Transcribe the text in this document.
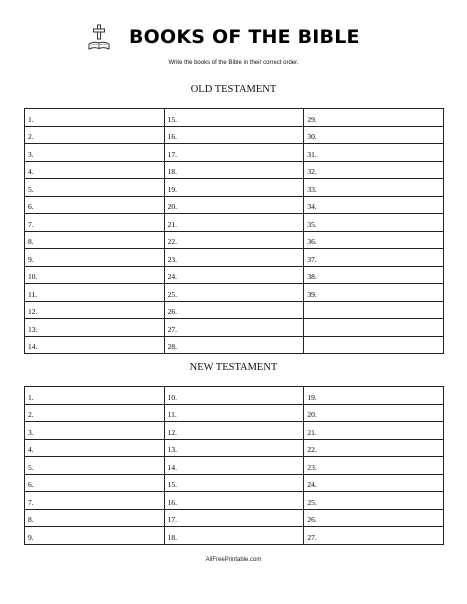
BOOKS OF THE BIBLE
Write the books of the Bible in their correct order.
OLD TESTAMENT
1.	15.	29.
2.	16.	30.
3.	17.	31.
4.	18.	32.
5.	19.	33.
6.	20.	34.
7.	21.	35.
8.	22.	36.
9.	23.	37.
10.	24.	38.
11.	25.	39.
12.	26.	
13.	27.	
14.	28.	
NEW TESTAMENT
1.	10.	19.
2.	11.	20.
3.	12.	21.
4.	13.	22.
5.	14.	23.
6.	15.	24.
7.	16.	25.
8.	17.	26.
9.	18.	27.
AllFreePrintable.com
